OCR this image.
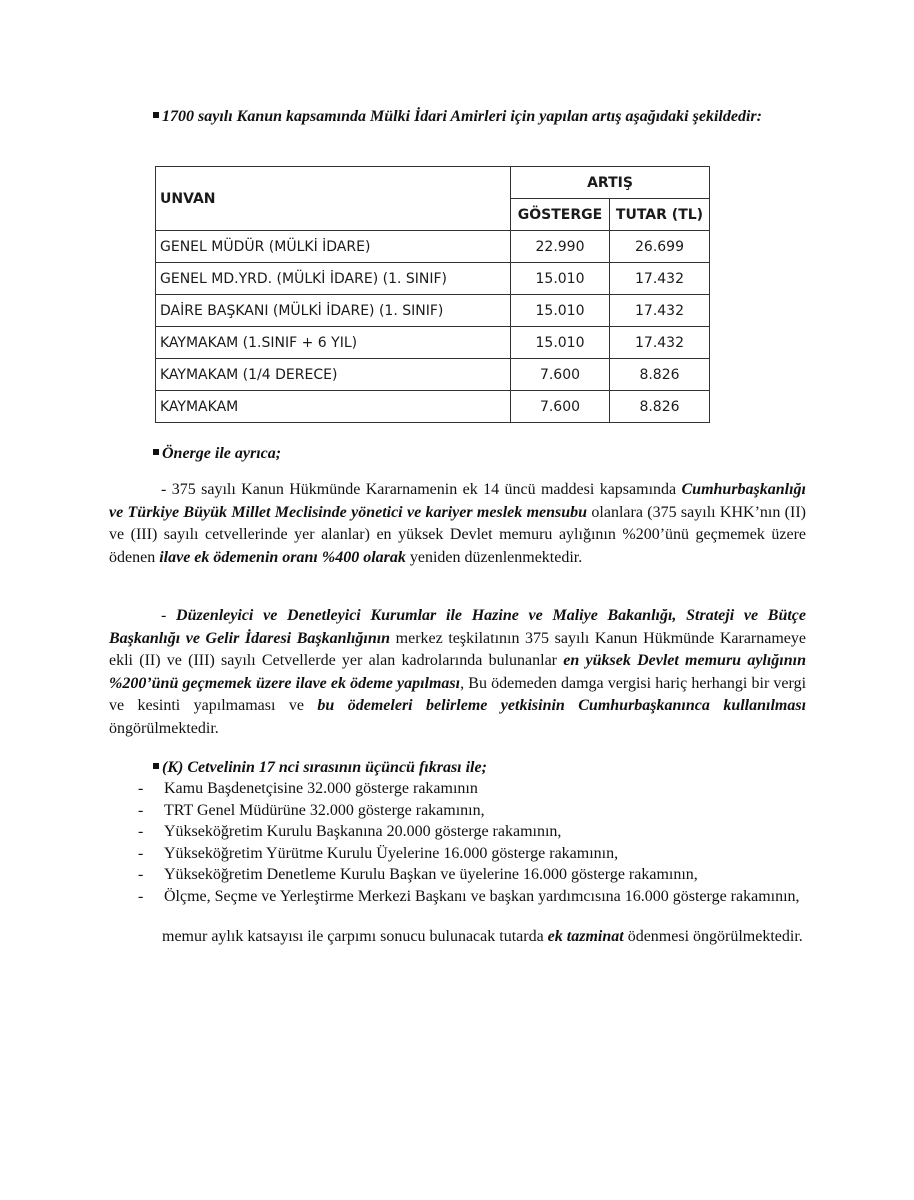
1700 sayılı Kanun kapsamında Mülki İdari Amirleri için yapılan artış aşağıdaki şekildedir:
UNVAN	ARTIŞ	
	GÖSTERGE	TUTAR (TL)
GENEL MÜDÜR (MÜLKİ İDARE)	22.990	26.699
GENEL MD.YRD. (MÜLKİ İDARE) (1. SINIF)	15.010	17.432
DAİRE BAŞKANI (MÜLKİ İDARE) (1. SINIF)	15.010	17.432
KAYMAKAM (1.SINIF + 6 YIL)	15.010	17.432
KAYMAKAM (1/4 DERECE)	7.600	8.826
KAYMAKAM	7.600	8.826
Önerge ile ayrıca;
- 375 sayılı Kanun Hükmünde Kararnamenin ek 14 üncü maddesi kapsamında Cumhurbaşkanlığı ve Türkiye Büyük Millet Meclisinde yönetici ve kariyer meslek mensubu olanlara (375 sayılı KHK’nın (II) ve (III) sayılı cetvellerinde yer alanlar) en yüksek Devlet memuru aylığının %200’ünü geçmemek üzere ödenen ilave ek ödemenin oranı %400 olarak yeniden düzenlenmektedir.
- Düzenleyici ve Denetleyici Kurumlar ile Hazine ve Maliye Bakanlığı, Strateji ve Bütçe Başkanlığı ve Gelir İdaresi Başkanlığının merkez teşkilatının 375 sayılı Kanun Hükmünde Kararnameye ekli (II) ve (III) sayılı Cetvellerde yer alan kadrolarında bulunanlar en yüksek Devlet memuru aylığının %200’ünü geçmemek üzere ilave ek ödeme yapılması, Bu ödemeden damga vergisi hariç herhangi bir vergi ve kesinti yapılmaması ve bu ödemeleri belirleme yetkisinin Cumhurbaşkanınca kullanılması öngörülmektedir.
(K) Cetvelinin 17 nci sırasının üçüncü fıkrası ile;
- Kamu Başdenetçisine 32.000 gösterge rakamının
- TRT Genel Müdürüne 32.000 gösterge rakamının,
- Yükseköğretim Kurulu Başkanına 20.000 gösterge rakamının,
- Yükseköğretim Yürütme Kurulu Üyelerine 16.000 gösterge rakamının,
- Yükseköğretim Denetleme Kurulu Başkan ve üyelerine 16.000 gösterge rakamının,
- Ölçme, Seçme ve Yerleştirme Merkezi Başkanı ve başkan yardımcısına 16.000 gösterge rakamının,
memur aylık katsayısı ile çarpımı sonucu bulunacak tutarda ek tazminat ödenmesi öngörülmektedir.
